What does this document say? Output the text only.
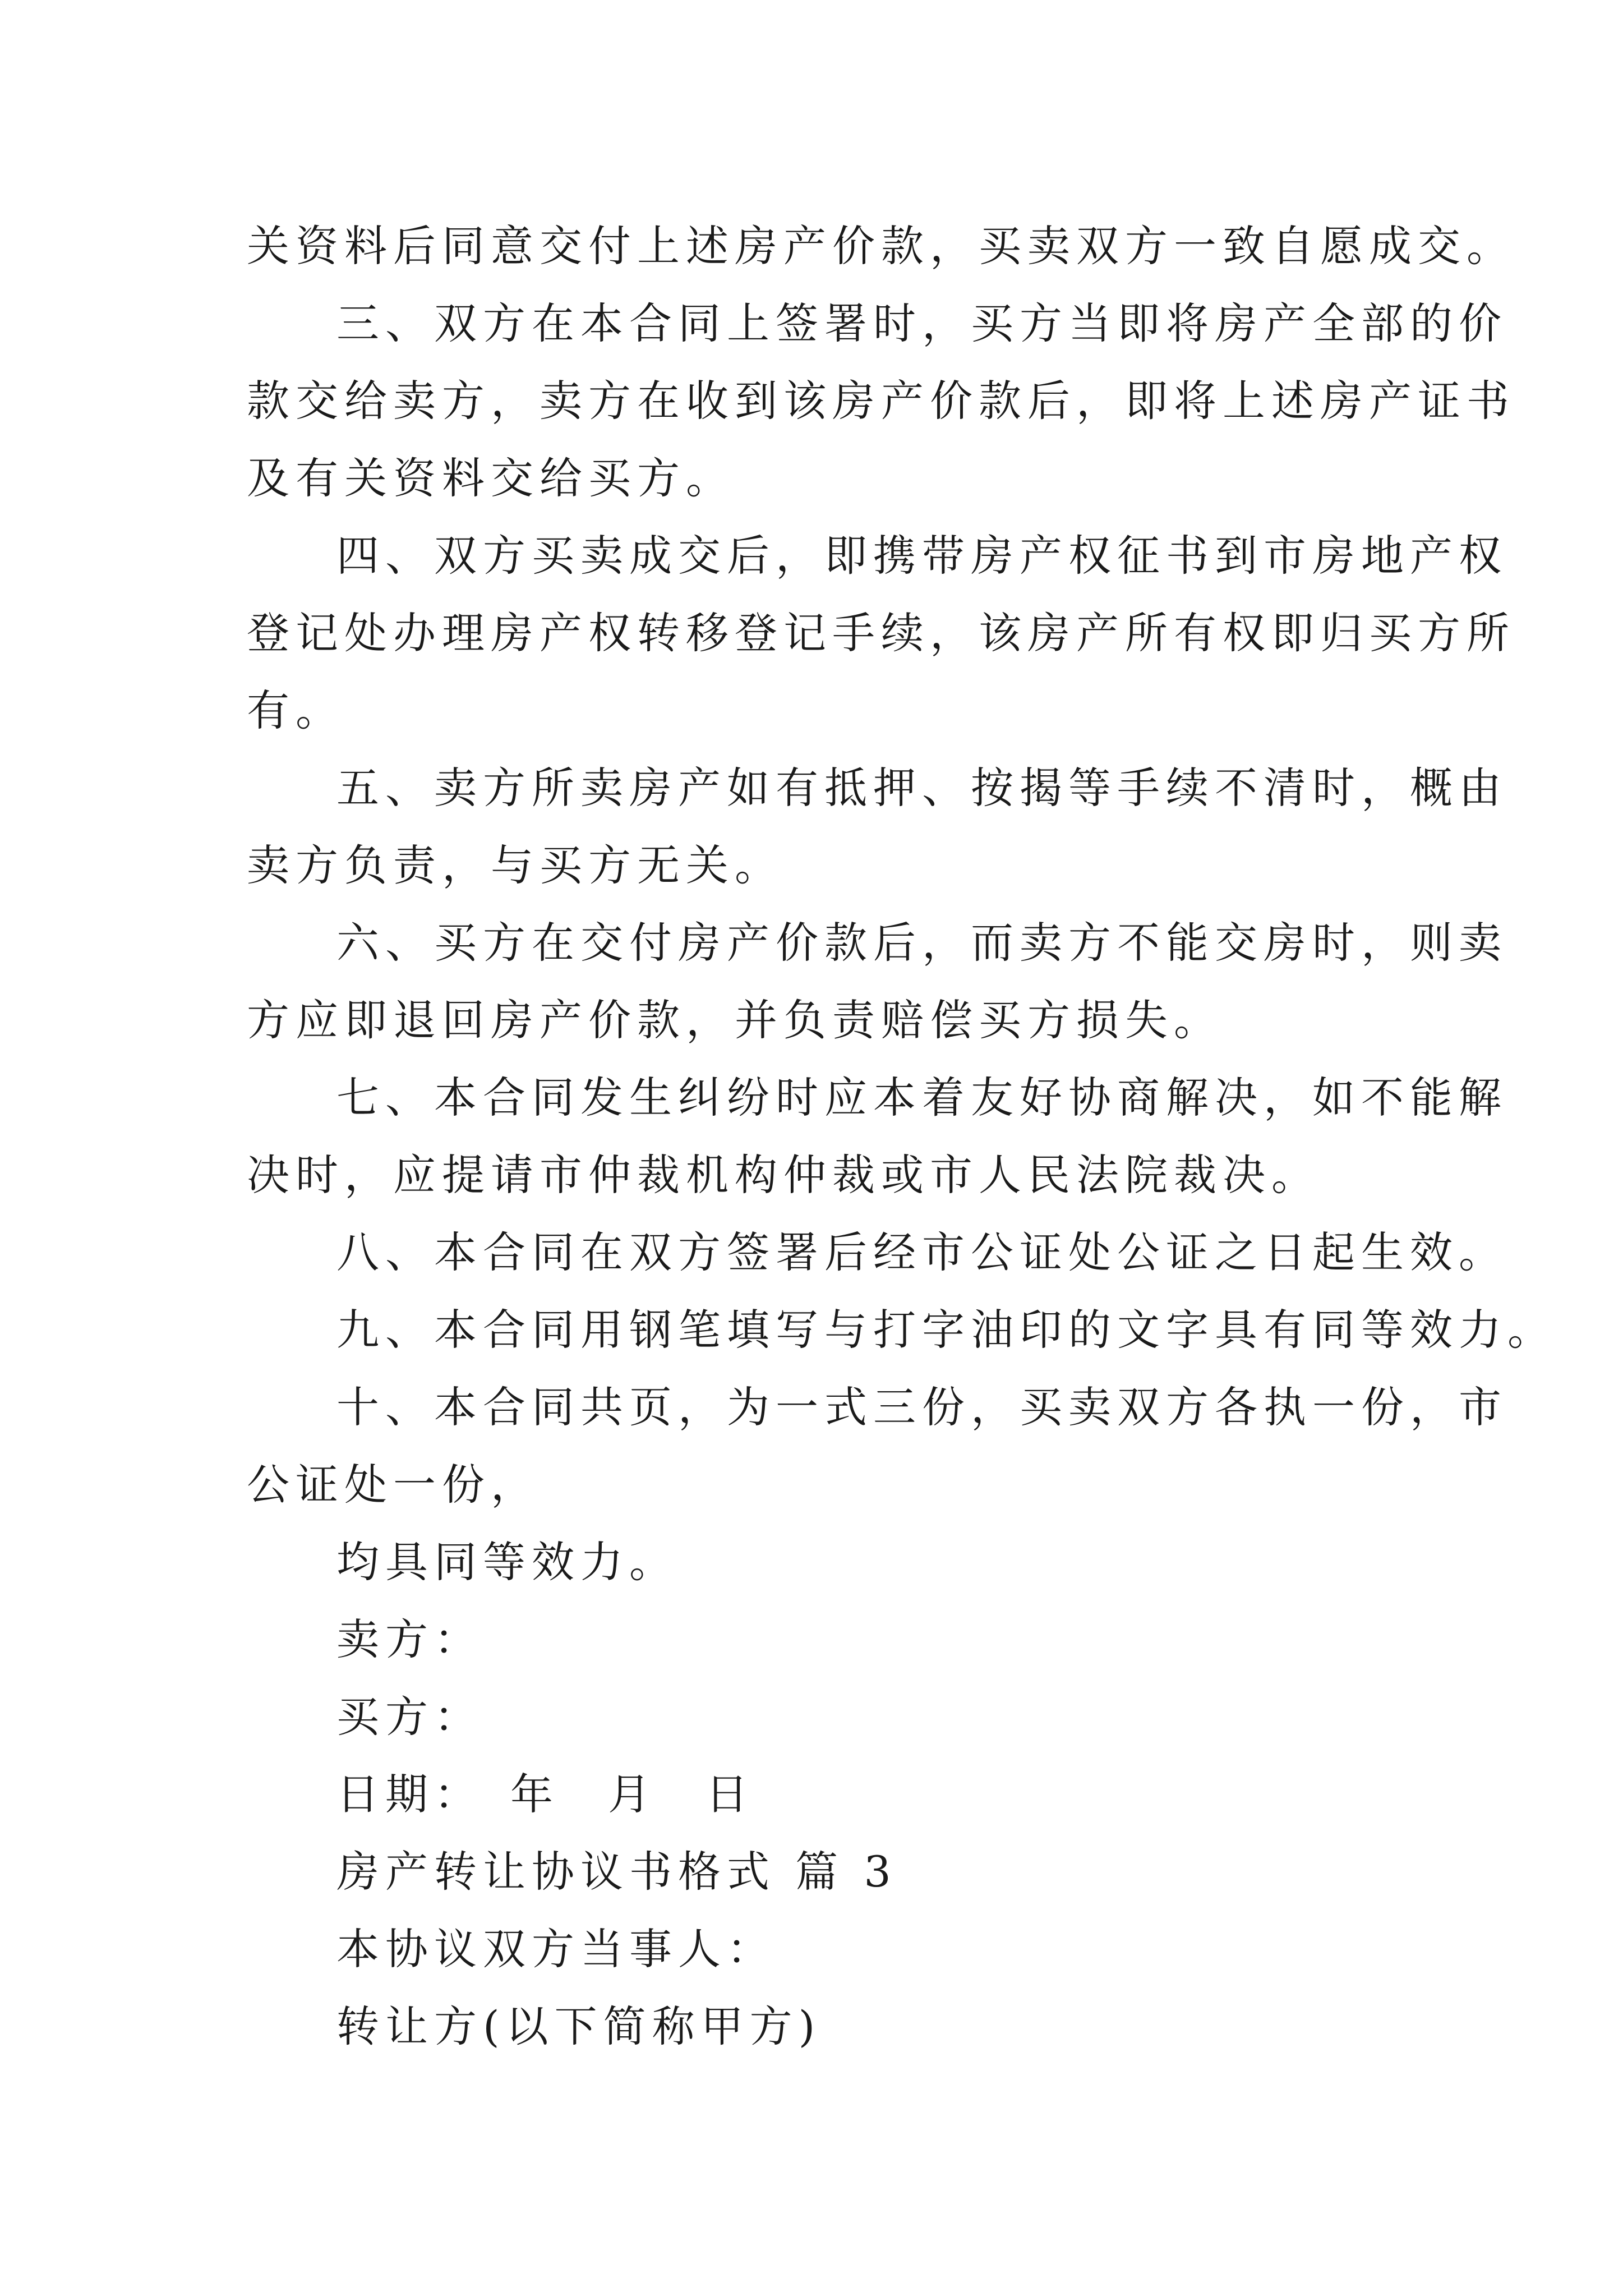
关资料后同意交付上述房产价款，买卖双方一致自愿成交。
三、双方在本合同上签署时，买方当即将房产全部的价
款交给卖方，卖方在收到该房产价款后，即将上述房产证书
及有关资料交给买方。
四、双方买卖成交后，即携带房产权征书到市房地产权
登记处办理房产权转移登记手续，该房产所有权即归买方所
有。
五、卖方所卖房产如有抵押、按揭等手续不清时，概由
卖方负责，与买方无关。
六、买方在交付房产价款后，而卖方不能交房时，则卖
方应即退回房产价款，并负责赔偿买方损失。
七、本合同发生纠纷时应本着友好协商解决，如不能解
决时，应提请市仲裁机构仲裁或市人民法院裁决。
八、本合同在双方签署后经市公证处公证之日起生效。
九、本合同用钢笔填写与打字油印的文字具有同等效力。
十、本合同共页，为一式三份，买卖双方各执一份，市
公证处一份，
均具同等效力。
卖方：
买方：
日期：　年　月　日
房产转让协议书格式 篇 3
本协议双方当事人：
转让方(以下简称甲方)
